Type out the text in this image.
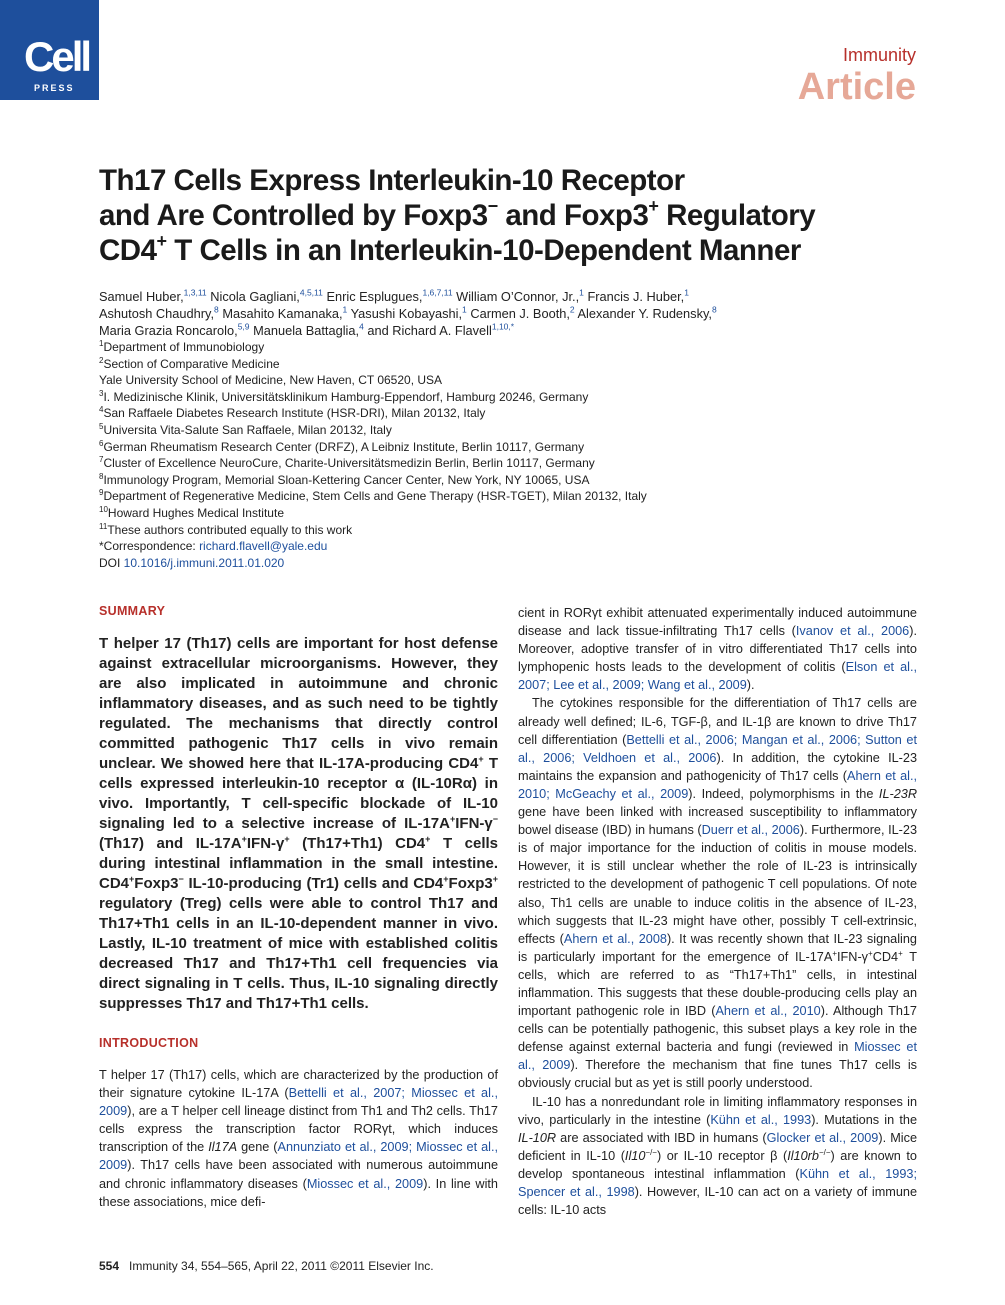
Cell
PRESS
Immunity
Article
Th17 Cells Express Interleukin-10 Receptor
and Are Controlled by Foxp3− and Foxp3+ Regulatory
CD4+ T Cells in an Interleukin-10-Dependent Manner
Samuel Huber,$^{1,3,11}$ Nicola Gagliani,$^{4,5,11}$ Enric Esplugues,$^{1,6,7,11}$ William O’Connor, Jr.,$^1$ Francis J. Huber,$^1$
Ashutosh Chaudhry,$^8$ Masahito Kamanaka,$^1$ Yasushi Kobayashi,$^1$ Carmen J. Booth,$^2$ Alexander Y. Rudensky,$^8$
Maria Grazia Roncarolo,$^{5,9}$ Manuela Battaglia,$^4$ and Richard A. Flavell$^{1,10,*}$
$^1$Department of Immunobiology
$^2$Section of Comparative Medicine
Yale University School of Medicine, New Haven, CT 06520, USA
$^3$I. Medizinische Klinik, Universitätsklinikum Hamburg-Eppendorf, Hamburg 20246, Germany
$^4$San Raffaele Diabetes Research Institute (HSR-DRI), Milan 20132, Italy
$^5$Universita Vita-Salute San Raffaele, Milan 20132, Italy
$^6$German Rheumatism Research Center (DRFZ), A Leibniz Institute, Berlin 10117, Germany
$^7$Cluster of Excellence NeuroCure, Charite-Universitätsmedizin Berlin, Berlin 10117, Germany
$^8$Immunology Program, Memorial Sloan-Kettering Cancer Center, New York, NY 10065, USA
$^9$Department of Regenerative Medicine, Stem Cells and Gene Therapy (HSR-TGET), Milan 20132, Italy
$^{10}$Howard Hughes Medical Institute
$^{11}$These authors contributed equally to this work
*Correspondence: richard.flavell@yale.edu
DOI 10.1016/j.immuni.2011.01.020
SUMMARY

T helper 17 (Th17) cells are important for host defense against extracellular microorganisms. However, they are also implicated in autoimmune and chronic inflammatory diseases, and as such need to be tightly regulated. The mechanisms that directly control committed pathogenic Th17 cells in vivo remain unclear. We showed here that IL-17A-producing CD4+ T cells expressed interleukin-10 receptor α (IL-10Rα) in vivo. Importantly, T cell-specific blockade of IL-10 signaling led to a selective increase of IL-17A+IFN-γ− (Th17) and IL-17A+IFN-γ+ (Th17+Th1) CD4+ T cells during intestinal inflammation in the small intestine. CD4+Foxp3− IL-10-producing (Tr1) cells and CD4+Foxp3+ regulatory (Treg) cells were able to control Th17 and Th17+Th1 cells in an IL-10-dependent manner in vivo. Lastly, IL-10 treatment of mice with established colitis decreased Th17 and Th17+Th1 cell frequencies via direct signaling in T cells. Thus, IL-10 signaling directly suppresses Th17 and Th17+Th1 cells.

INTRODUCTION

T helper 17 (Th17) cells, which are characterized by the production of their signature cytokine IL-17A (Bettelli et al., 2007; Miossec et al., 2009), are a T helper cell lineage distinct from Th1 and Th2 cells. Th17 cells express the transcription factor RORγt, which induces transcription of the Il17A gene (Annunziato et al., 2009; Miossec et al., 2009). Th17 cells have been associated with numerous autoimmune and chronic inflammatory diseases (Miossec et al., 2009). In line with these associations, mice defi-

cient in RORγt exhibit attenuated experimentally induced autoimmune disease and lack tissue-infiltrating Th17 cells (Ivanov et al., 2006). Moreover, adoptive transfer of in vitro differentiated Th17 cells into lymphopenic hosts leads to the development of colitis (Elson et al., 2007; Lee et al., 2009; Wang et al., 2009).

The cytokines responsible for the differentiation of Th17 cells are already well defined; IL-6, TGF-β, and IL-1β are known to drive Th17 cell differentiation (Bettelli et al., 2006; Mangan et al., 2006; Sutton et al., 2006; Veldhoen et al., 2006). In addition, the cytokine IL-23 maintains the expansion and pathogenicity of Th17 cells (Ahern et al., 2010; McGeachy et al., 2009). Indeed, polymorphisms in the IL-23R gene have been linked with increased susceptibility to inflammatory bowel disease (IBD) in humans (Duerr et al., 2006). Furthermore, IL-23 is of major importance for the induction of colitis in mouse models. However, it is still unclear whether the role of IL-23 is intrinsically restricted to the development of pathogenic T cell populations. Of note also, Th1 cells are unable to induce colitis in the absence of IL-23, which suggests that IL-23 might have other, possibly T cell-extrinsic, effects (Ahern et al., 2008). It was recently shown that IL-23 signaling is particularly important for the emergence of IL-17A+IFN-γ+CD4+ T cells, which are referred to as “Th17+Th1” cells, in intestinal inflammation. This suggests that these double-producing cells play an important pathogenic role in IBD (Ahern et al., 2010). Although Th17 cells can be potentially pathogenic, this subset plays a key role in the defense against external bacteria and fungi (reviewed in Miossec et al., 2009). Therefore the mechanism that fine tunes Th17 cells is obviously crucial but as yet is still poorly understood.

IL-10 has a nonredundant role in limiting inflammatory responses in vivo, particularly in the intestine (Kühn et al., 1993). Mutations in the IL-10R are associated with IBD in humans (Glocker et al., 2009). Mice deficient in IL-10 (Il10−/−) or IL-10 receptor β (Il10rb−/−) are known to develop spontaneous intestinal inflammation (Kühn et al., 1993; Spencer et al., 1998). However, IL-10 can act on a variety of immune cells: IL-10 acts

554 Immunity 34, 554–565, April 22, 2011 ©2011 Elsevier Inc.
